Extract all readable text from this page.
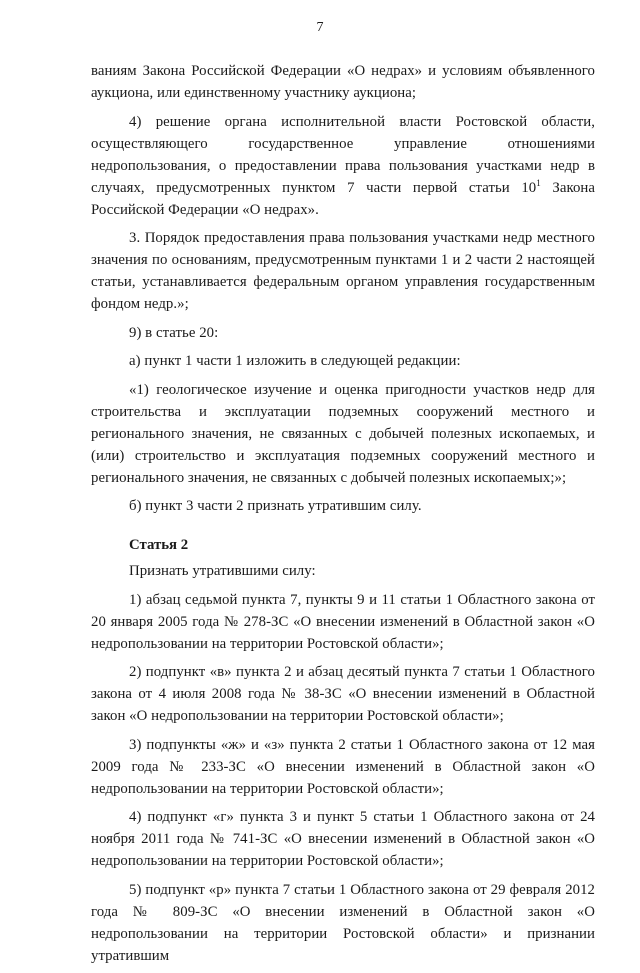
7
ваниям Закона Российской Федерации «О недрах» и условиям объявленного аукциона, или единственному участнику аукциона;
4) решение органа исполнительной власти Ростовской области, осуществляющего государственное управление отношениями недропользования, о предоставлении права пользования участками недр в случаях, предусмотренных пунктом 7 части первой статьи $10^1$ Закона Российской Федерации «О недрах».
3. Порядок предоставления права пользования участками недр местного значения по основаниям, предусмотренным пунктами 1 и 2 части 2 настоящей статьи, устанавливается федеральным органом управления государственным фондом недр.»;
9) в статье 20:
а) пункт 1 части 1 изложить в следующей редакции:
«1) геологическое изучение и оценка пригодности участков недр для строительства и эксплуатации подземных сооружений местного и регионального значения, не связанных с добычей полезных ископаемых, и (или) строительство и эксплуатация подземных сооружений местного и регионального значения, не связанных с добычей полезных ископаемых;»;
б) пункт 3 части 2 признать утратившим силу.
Статья 2
Признать утратившими силу:
1) абзац седьмой пункта 7, пункты 9 и 11 статьи 1 Областного закона от 20 января 2005 года № 278-ЗС «О внесении изменений в Областной закон «О недропользовании на территории Ростовской области»;
2) подпункт «в» пункта 2 и абзац десятый пункта 7 статьи 1 Областного закона от 4 июля 2008 года № 38-ЗС «О внесении изменений в Областной закон «О недропользовании на территории Ростовской области»;
3) подпункты «ж» и «з» пункта 2 статьи 1 Областного закона от 12 мая 2009 года № 233-ЗС «О внесении изменений в Областной закон «О недропользовании на территории Ростовской области»;
4) подпункт «г» пункта 3 и пункт 5 статьи 1 Областного закона от 24 ноября 2011 года № 741-ЗС «О внесении изменений в Областной закон «О недропользовании на территории Ростовской области»;
5) подпункт «р» пункта 7 статьи 1 Областного закона от 29 февраля 2012 года № 809-ЗС «О внесении изменений в Областной закон «О недропользовании на территории Ростовской области» и признании утратившим
